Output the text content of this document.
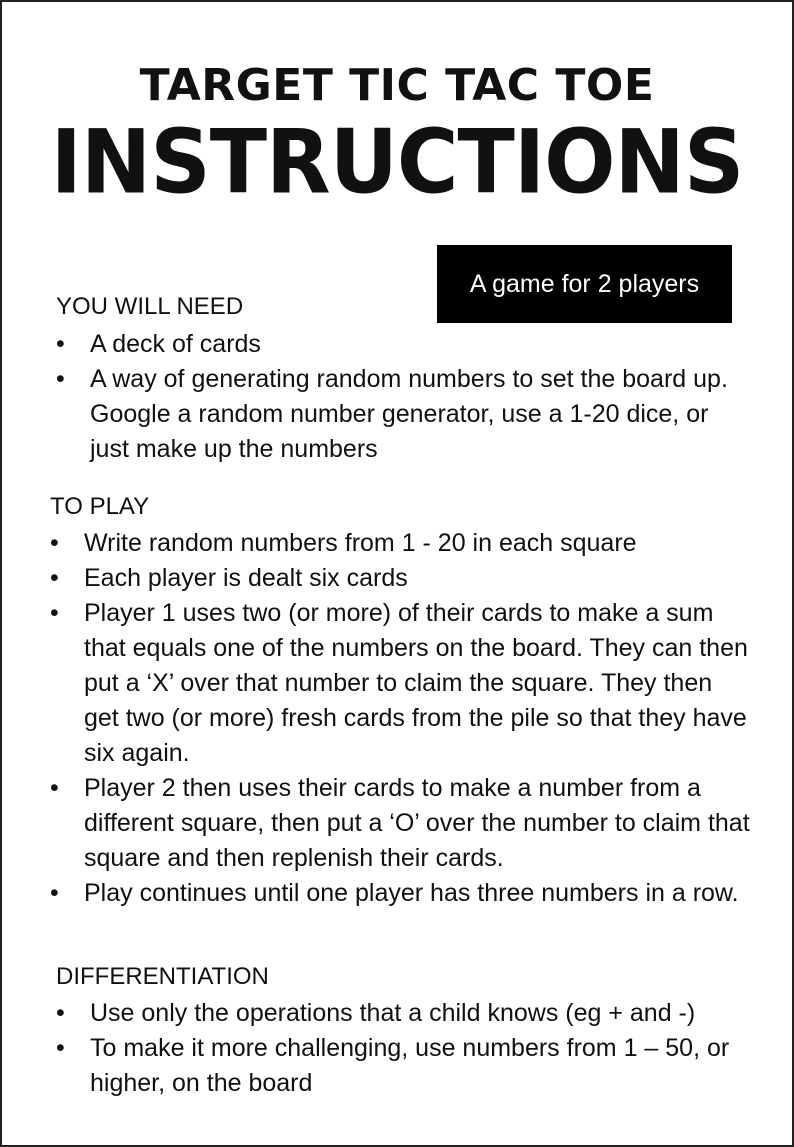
TARGET TIC TAC TOE
INSTRUCTIONS
A game for 2 players
YOU WILL NEED
•	A deck of cards
•	A way of generating random numbers to set the board up. Google a random number generator, use a 1-20 dice, or just make up the numbers
TO PLAY
•	Write random numbers from 1 - 20 in each square
•	Each player is dealt six cards
•	Player 1 uses two (or more) of their cards to make a sum that equals one of the numbers on the board. They can then put a ‘X’ over that number to claim the square. They then get two (or more) fresh cards from the pile so that they have six again.
•	Player 2 then uses their cards to make a number from a different square, then put a ‘O’ over the number to claim that square and then replenish their cards.
•	Play continues until one player has three numbers in a row.
DIFFERENTIATION
•	Use only the operations that a child knows (eg + and -)
•	To make it more challenging, use numbers from 1 – 50, or higher, on the board
